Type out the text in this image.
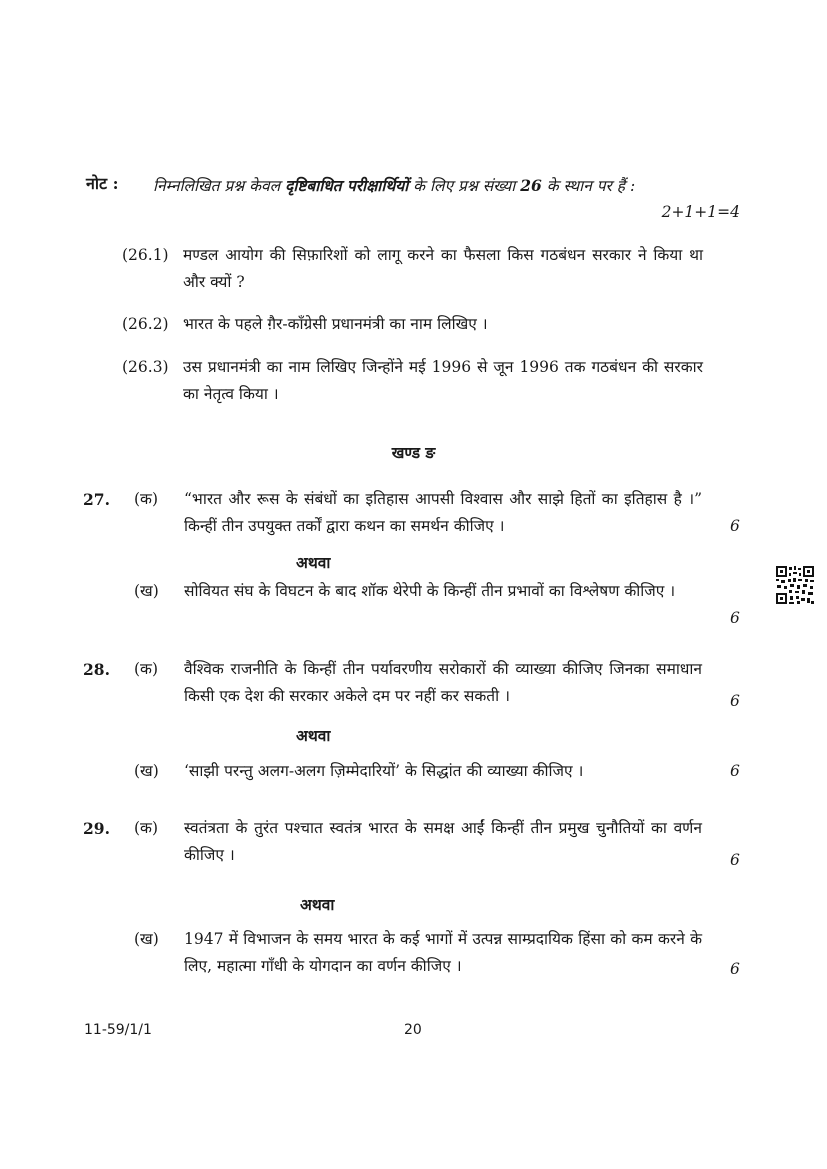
नोट : निम्नलिखित प्रश्न केवल दृष्टिबाधित परीक्षार्थियों के लिए प्रश्न संख्या 26 के स्थान पर हैं :
2+1+1=4
(26.1) मण्डल आयोग की सिफ़ारिशों को लागू करने का फैसला किस गठबंधन सरकार ने किया था और क्यों ?
(26.2) भारत के पहले ग़ैर-काँग्रेसी प्रधानमंत्री का नाम लिखिए ।
(26.3) उस प्रधानमंत्री का नाम लिखिए जिन्होंने मई 1996 से जून 1996 तक गठबंधन की सरकार का नेतृत्व किया ।
खण्ड ङ
27. (क) “भारत और रूस के संबंधों का इतिहास आपसी विश्वास और साझे हितों का इतिहास है ।” किन्हीं तीन उपयुक्त तर्कों द्वारा कथन का समर्थन कीजिए ।	6
अथवा
(ख) सोवियत संघ के विघटन के बाद शॉक थेरेपी के किन्हीं तीन प्रभावों का विश्लेषण कीजिए ।
6
28. (क) वैश्विक राजनीति के किन्हीं तीन पर्यावरणीय सरोकारों की व्याख्या कीजिए जिनका समाधान किसी एक देश की सरकार अकेले दम पर नहीं कर सकती ।	6
अथवा
(ख) ‘साझी परन्तु अलग-अलग ज़िम्मेदारियों’ के सिद्धांत की व्याख्या कीजिए ।	6
29. (क) स्वतंत्रता के तुरंत पश्चात स्वतंत्र भारत के समक्ष आईं किन्हीं तीन प्रमुख चुनौतियों का वर्णन कीजिए ।	6
अथवा
(ख) 1947 में विभाजन के समय भारत के कई भागों में उत्पन्न साम्प्रदायिक हिंसा को कम करने के लिए, महात्मा गाँधी के योगदान का वर्णन कीजिए ।	6
11-59/1/1	20
